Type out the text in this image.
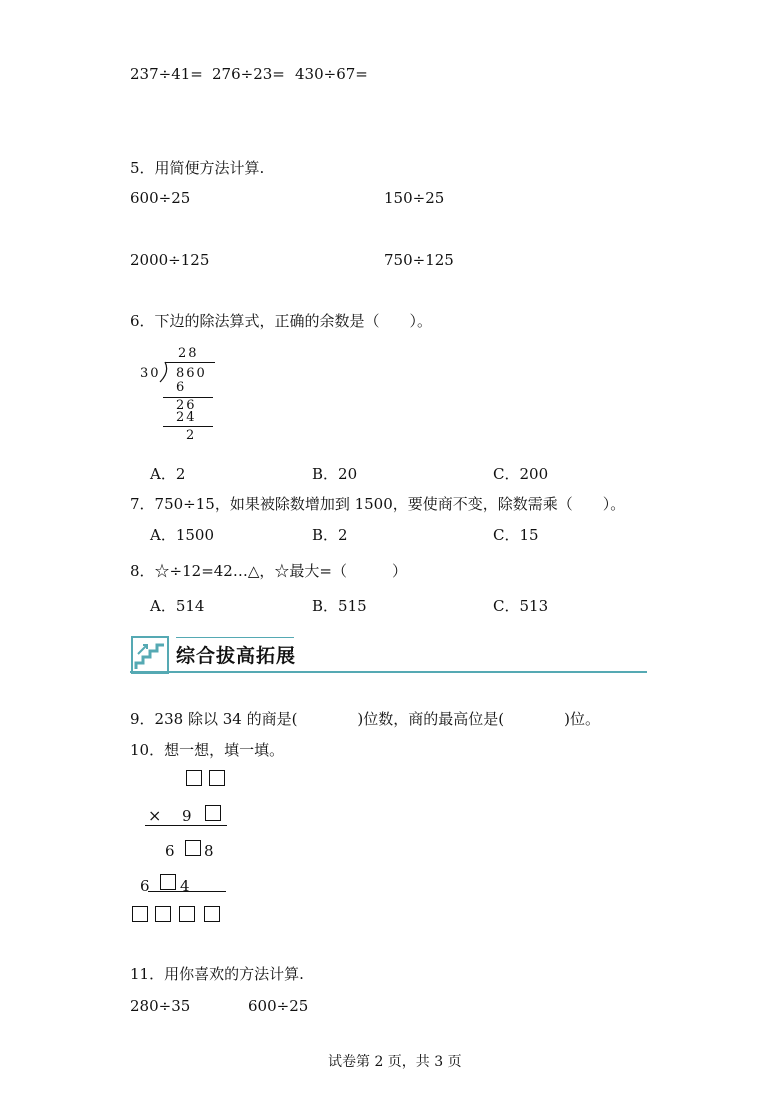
237÷41= 276÷23= 430÷67=
5．用简便方法计算.
600÷25	150÷25
2000÷125	750÷125
6．下边的除法算式，正确的余数是（　　）。
28
30 860
6
26
24
2
A．2	B．20	C．200
7．750÷15，如果被除数增加到 1500，要使商不变，除数需乘（　　）。
A．1500	B．2	C．15
8．☆÷12=42…△，☆最大=（　　　）
A．514	B．515	C．513
综合拔高拓展
9．238 除以 34 的商是(　　　　)位数，商的最高位是(　　　　)位。
10．想一想，填一填。
× 9
6 8
6 4
11．用你喜欢的方法计算.
280÷35	600÷25
试卷第 2 页，共 3 页
